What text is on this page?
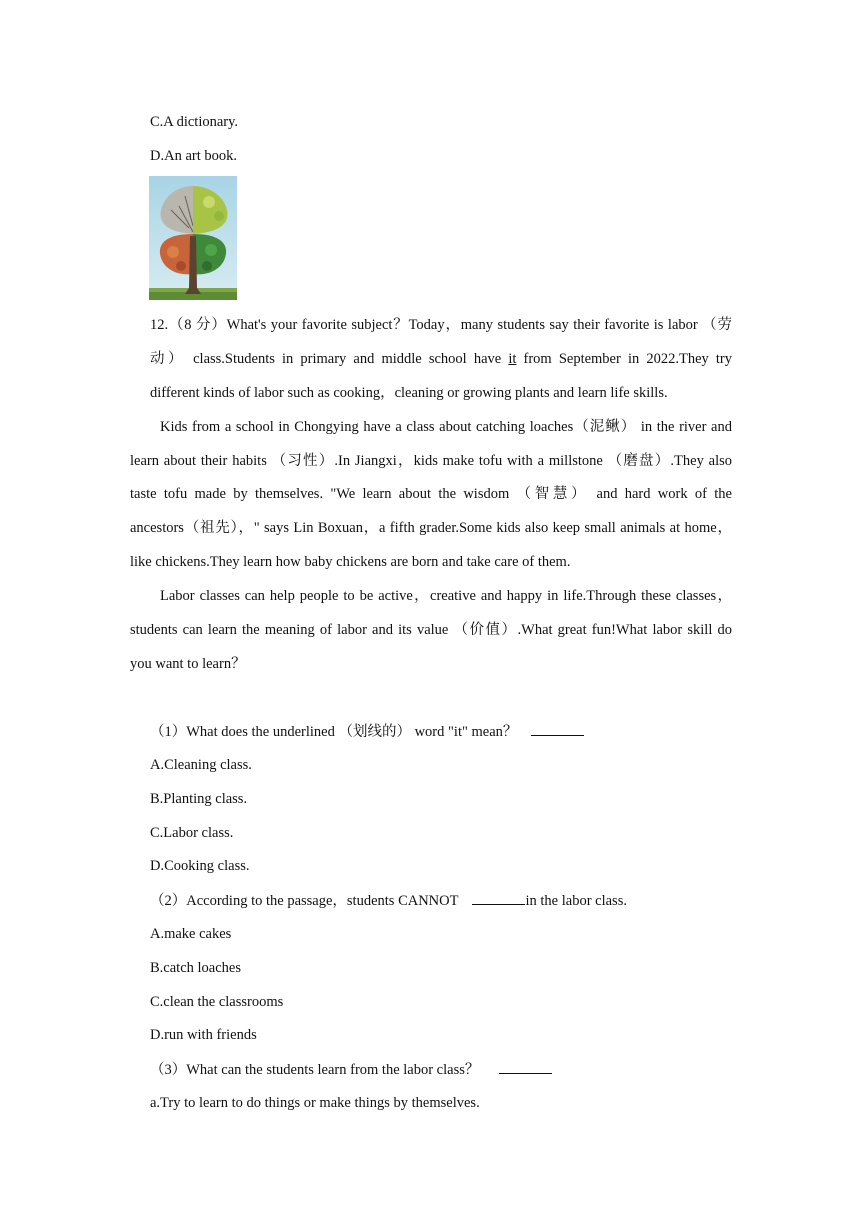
C.A dictionary.
D.An art book.
12.（8 分）What's your favorite subject？Today，many students say their favorite is labor （劳
动） class.Students in primary and middle school have it from September in 2022.They try
different kinds of labor such as cooking，cleaning or growing plants and learn life skills.
Kids from a school in Chongying have a class about catching loaches（泥鳅） in the river and
learn about their habits （习性）.In Jiangxi，kids make tofu with a millstone （磨盘）.They also
taste tofu made by themselves. "We learn about the wisdom （智慧） and hard work of the
ancestors（祖先），" says Lin Boxuan，a fifth grader.Some kids also keep small animals at home，
like chickens.They learn how baby chickens are born and take care of them.
Labor classes can help people to be active，creative and happy in life.Through these classes，
students can learn the meaning of labor and its value （价值）.What great fun!What labor skill do
you want to learn？
（1）What does the underlined （划线的） word "it" mean？
A.Cleaning class.
B.Planting class.
C.Labor class.
D.Cooking class.
（2）According to the passage，students CANNOT	in the labor class.
A.make cakes
B.catch loaches
C.clean the classrooms
D.run with friends
（3）What can the students learn from the labor class？
a.Try to learn to do things or make things by themselves.
